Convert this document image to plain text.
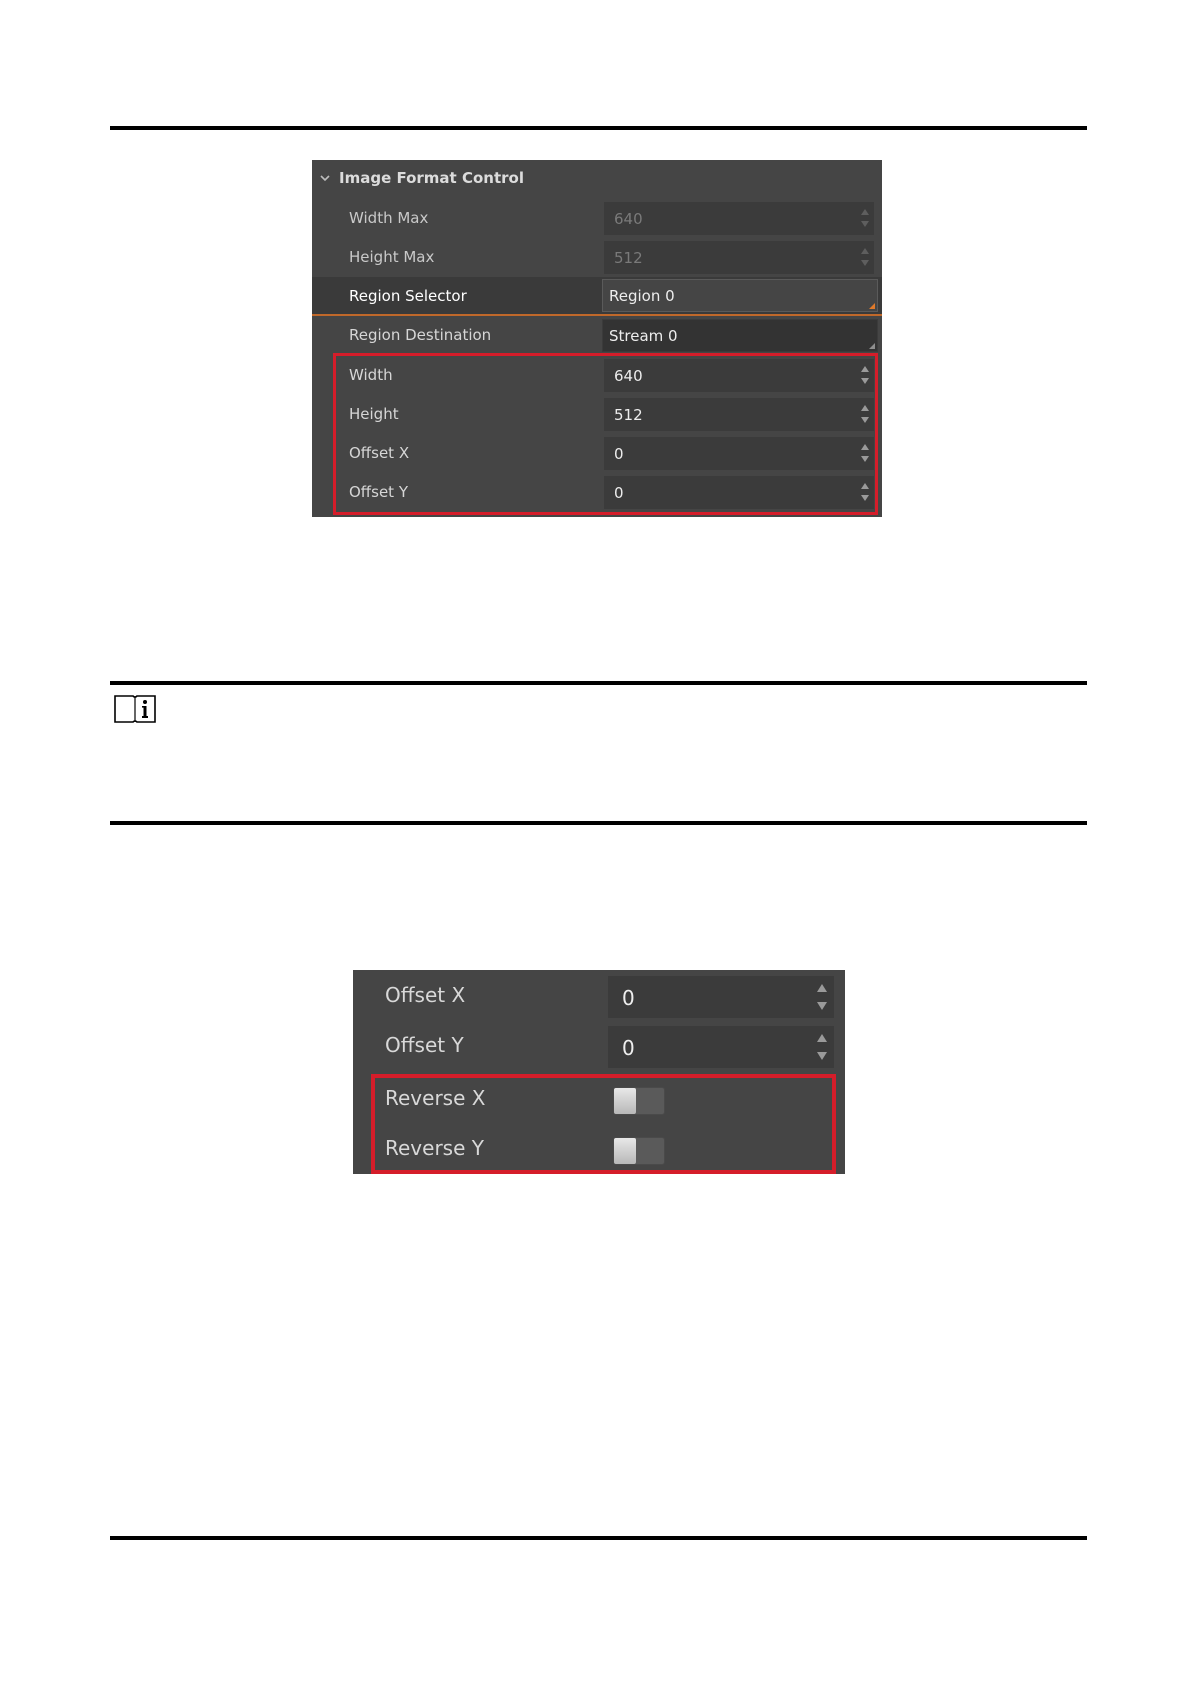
Image Format Control
Width Max	640
Height Max	512
Region Selector	Region 0
Region Destination	Stream 0
Width	640
Height	512
Offset X	0
Offset Y	0
Offset X	0
Offset Y	0
Reverse X
Reverse Y
